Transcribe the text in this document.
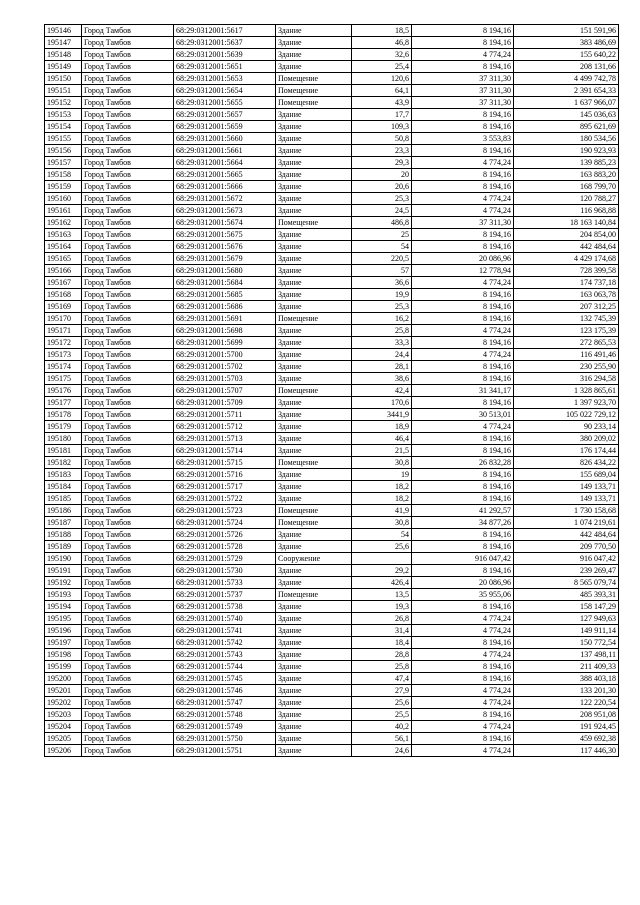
195146	Город Тамбов	68:29:0312001:5617	Здание	18,5	8 194,16	151 591,96
195147	Город Тамбов	68:29:0312001:5637	Здание	46,8	8 194,16	383 486,69
195148	Город Тамбов	68:29:0312001:5639	Здание	32,6	4 774,24	155 640,22
195149	Город Тамбов	68:29:0312001:5651	Здание	25,4	8 194,16	208 131,66
195150	Город Тамбов	68:29:0312001:5653	Помещение	120,6	37 311,30	4 499 742,78
195151	Город Тамбов	68:29:0312001:5654	Помещение	64,1	37 311,30	2 391 654,33
195152	Город Тамбов	68:29:0312001:5655	Помещение	43,9	37 311,30	1 637 966,07
195153	Город Тамбов	68:29:0312001:5657	Здание	17,7	8 194,16	145 036,63
195154	Город Тамбов	68:29:0312001:5659	Здание	109,3	8 194,16	895 621,69
195155	Город Тамбов	68:29:0312001:5660	Здание	50,8	3 553,83	180 534,56
195156	Город Тамбов	68:29:0312001:5661	Здание	23,3	8 194,16	190 923,93
195157	Город Тамбов	68:29:0312001:5664	Здание	29,3	4 774,24	139 885,23
195158	Город Тамбов	68:29:0312001:5665	Здание	20	8 194,16	163 883,20
195159	Город Тамбов	68:29:0312001:5666	Здание	20,6	8 194,16	168 799,70
195160	Город Тамбов	68:29:0312001:5672	Здание	25,3	4 774,24	120 788,27
195161	Город Тамбов	68:29:0312001:5673	Здание	24,5	4 774,24	116 968,88
195162	Город Тамбов	68:29:0312001:5674	Помещение	486,8	37 311,30	18 163 140,84
195163	Город Тамбов	68:29:0312001:5675	Здание	25	8 194,16	204 854,00
195164	Город Тамбов	68:29:0312001:5676	Здание	54	8 194,16	442 484,64
195165	Город Тамбов	68:29:0312001:5679	Здание	220,5	20 086,96	4 429 174,68
195166	Город Тамбов	68:29:0312001:5680	Здание	57	12 778,94	728 399,58
195167	Город Тамбов	68:29:0312001:5684	Здание	36,6	4 774,24	174 737,18
195168	Город Тамбов	68:29:0312001:5685	Здание	19,9	8 194,16	163 063,78
195169	Город Тамбов	68:29:0312001:5686	Здание	25,3	8 194,16	207 312,25
195170	Город Тамбов	68:29:0312001:5691	Помещение	16,2	8 194,16	132 745,39
195171	Город Тамбов	68:29:0312001:5698	Здание	25,8	4 774,24	123 175,39
195172	Город Тамбов	68:29:0312001:5699	Здание	33,3	8 194,16	272 865,53
195173	Город Тамбов	68:29:0312001:5700	Здание	24,4	4 774,24	116 491,46
195174	Город Тамбов	68:29:0312001:5702	Здание	28,1	8 194,16	230 255,90
195175	Город Тамбов	68:29:0312001:5703	Здание	38,6	8 194,16	316 294,58
195176	Город Тамбов	68:29:0312001:5707	Помещение	42,4	31 341,17	1 328 865,61
195177	Город Тамбов	68:29:0312001:5709	Здание	170,6	8 194,16	1 397 923,70
195178	Город Тамбов	68:29:0312001:5711	Здание	3441,9	30 513,01	105 022 729,12
195179	Город Тамбов	68:29:0312001:5712	Здание	18,9	4 774,24	90 233,14
195180	Город Тамбов	68:29:0312001:5713	Здание	46,4	8 194,16	380 209,02
195181	Город Тамбов	68:29:0312001:5714	Здание	21,5	8 194,16	176 174,44
195182	Город Тамбов	68:29:0312001:5715	Помещение	30,8	26 832,28	826 434,22
195183	Город Тамбов	68:29:0312001:5716	Здание	19	8 194,16	155 689,04
195184	Город Тамбов	68:29:0312001:5717	Здание	18,2	8 194,16	149 133,71
195185	Город Тамбов	68:29:0312001:5722	Здание	18,2	8 194,16	149 133,71
195186	Город Тамбов	68:29:0312001:5723	Помещение	41,9	41 292,57	1 730 158,68
195187	Город Тамбов	68:29:0312001:5724	Помещение	30,8	34 877,26	1 074 219,61
195188	Город Тамбов	68:29:0312001:5726	Здание	54	8 194,16	442 484,64
195189	Город Тамбов	68:29:0312001:5728	Здание	25,6	8 194,16	209 770,50
195190	Город Тамбов	68:29:0312001:5729	Сооружение		916 047,42	916 047,42
195191	Город Тамбов	68:29:0312001:5730	Здание	29,2	8 194,16	239 269,47
195192	Город Тамбов	68:29:0312001:5733	Здание	426,4	20 086,96	8 565 079,74
195193	Город Тамбов	68:29:0312001:5737	Помещение	13,5	35 955,06	485 393,31
195194	Город Тамбов	68:29:0312001:5738	Здание	19,3	8 194,16	158 147,29
195195	Город Тамбов	68:29:0312001:5740	Здание	26,8	4 774,24	127 949,63
195196	Город Тамбов	68:29:0312001:5741	Здание	31,4	4 774,24	149 911,14
195197	Город Тамбов	68:29:0312001:5742	Здание	18,4	8 194,16	150 772,54
195198	Город Тамбов	68:29:0312001:5743	Здание	28,8	4 774,24	137 498,11
195199	Город Тамбов	68:29:0312001:5744	Здание	25,8	8 194,16	211 409,33
195200	Город Тамбов	68:29:0312001:5745	Здание	47,4	8 194,16	388 403,18
195201	Город Тамбов	68:29:0312001:5746	Здание	27,9	4 774,24	133 201,30
195202	Город Тамбов	68:29:0312001:5747	Здание	25,6	4 774,24	122 220,54
195203	Город Тамбов	68:29:0312001:5748	Здание	25,5	8 194,16	208 951,08
195204	Город Тамбов	68:29:0312001:5749	Здание	40,2	4 774,24	191 924,45
195205	Город Тамбов	68:29:0312001:5750	Здание	56,1	8 194,16	459 692,38
195206	Город Тамбов	68:29:0312001:5751	Здание	24,6	4 774,24	117 446,30
